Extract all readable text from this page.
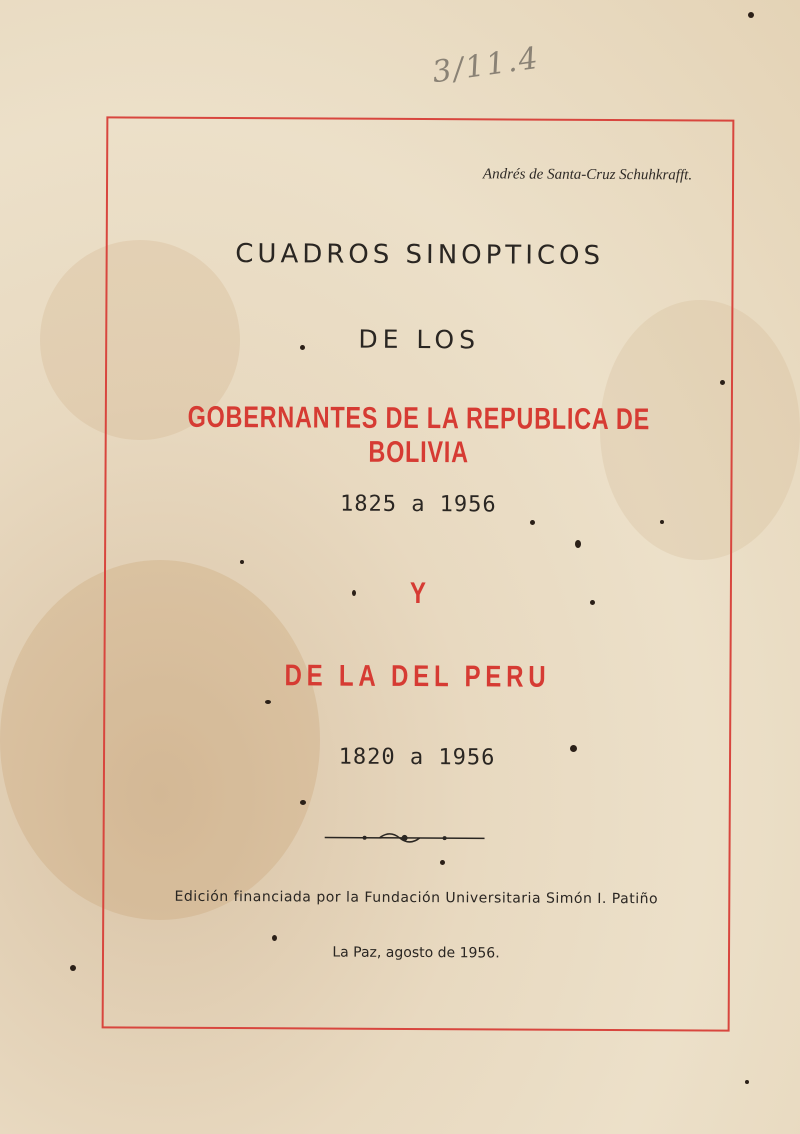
3/11.4
Andrés de Santa-Cruz Schuhkrafft.
CUADROS SINOPTICOS
DE LOS
GOBERNANTES DE LA REPUBLICA DE BOLIVIA
1825 a 1956
Y
DE LA DEL PERU
1820 a 1956
Edición financiada por la Fundación Universitaria Simón I. Patiño
La Paz, agosto de 1956.
